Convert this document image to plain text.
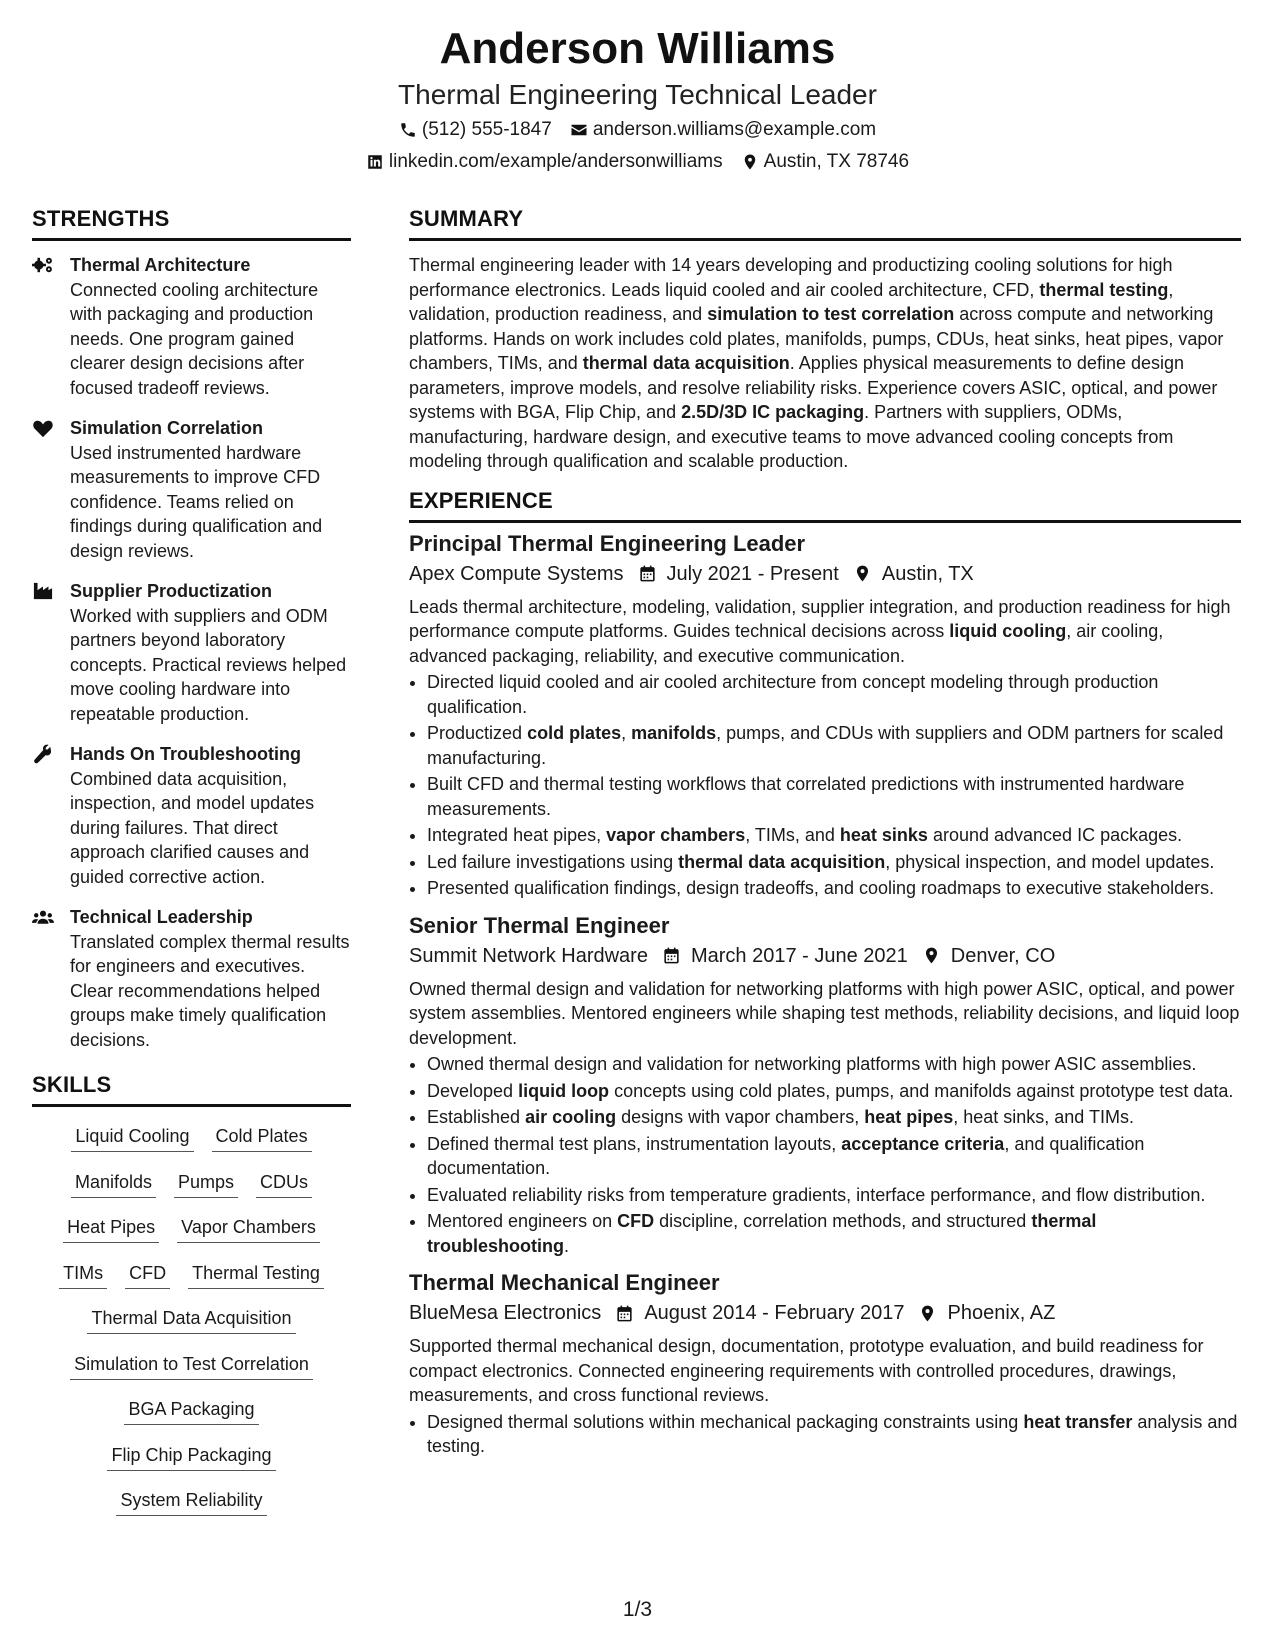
Anderson Williams
Thermal Engineering Technical Leader
(512) 555-1847 anderson.williams@example.com
linkedin.com/example/andersonwilliams Austin, TX 78746
STRENGTHS
Thermal Architecture
Connected cooling architecture with packaging and production needs. One program gained clearer design decisions after focused tradeoff reviews.
Simulation Correlation
Used instrumented hardware measurements to improve CFD confidence. Teams relied on findings during qualification and design reviews.
Supplier Productization
Worked with suppliers and ODM partners beyond laboratory concepts. Practical reviews helped move cooling hardware into repeatable production.
Hands On Troubleshooting
Combined data acquisition, inspection, and model updates during failures. That direct approach clarified causes and guided corrective action.
Technical Leadership
Translated complex thermal results for engineers and executives. Clear recommendations helped groups make timely qualification decisions.
SKILLS
Liquid Cooling Cold Plates
Manifolds Pumps CDUs
Heat Pipes Vapor Chambers
TIMs CFD Thermal Testing
Thermal Data Acquisition
Simulation to Test Correlation
BGA Packaging
Flip Chip Packaging
System Reliability
SUMMARY
Thermal engineering leader with 14 years developing and productizing cooling solutions for high performance electronics. Leads liquid cooled and air cooled architecture, CFD, thermal testing, validation, production readiness, and simulation to test correlation across compute and networking platforms. Hands on work includes cold plates, manifolds, pumps, CDUs, heat sinks, heat pipes, vapor chambers, TIMs, and thermal data acquisition. Applies physical measurements to define design parameters, improve models, and resolve reliability risks. Experience covers ASIC, optical, and power systems with BGA, Flip Chip, and 2.5D/3D IC packaging. Partners with suppliers, ODMs, manufacturing, hardware design, and executive teams to move advanced cooling concepts from modeling through qualification and scalable production.
EXPERIENCE
Principal Thermal Engineering Leader
Apex Compute Systems July 2021 - Present Austin, TX
Leads thermal architecture, modeling, validation, supplier integration, and production readiness for high performance compute platforms. Guides technical decisions across liquid cooling, air cooling, advanced packaging, reliability, and executive communication.
• Directed liquid cooled and air cooled architecture from concept modeling through production qualification.
• Productized cold plates, manifolds, pumps, and CDUs with suppliers and ODM partners for scaled manufacturing.
• Built CFD and thermal testing workflows that correlated predictions with instrumented hardware measurements.
• Integrated heat pipes, vapor chambers, TIMs, and heat sinks around advanced IC packages.
• Led failure investigations using thermal data acquisition, physical inspection, and model updates.
• Presented qualification findings, design tradeoffs, and cooling roadmaps to executive stakeholders.
Senior Thermal Engineer
Summit Network Hardware March 2017 - June 2021 Denver, CO
Owned thermal design and validation for networking platforms with high power ASIC, optical, and power system assemblies. Mentored engineers while shaping test methods, reliability decisions, and liquid loop development.
• Owned thermal design and validation for networking platforms with high power ASIC assemblies.
• Developed liquid loop concepts using cold plates, pumps, and manifolds against prototype test data.
• Established air cooling designs with vapor chambers, heat pipes, heat sinks, and TIMs.
• Defined thermal test plans, instrumentation layouts, acceptance criteria, and qualification documentation.
• Evaluated reliability risks from temperature gradients, interface performance, and flow distribution.
• Mentored engineers on CFD discipline, correlation methods, and structured thermal troubleshooting.
Thermal Mechanical Engineer
BlueMesa Electronics August 2014 - February 2017 Phoenix, AZ
Supported thermal mechanical design, documentation, prototype evaluation, and build readiness for compact electronics. Connected engineering requirements with controlled procedures, drawings, measurements, and cross functional reviews.
• Designed thermal solutions within mechanical packaging constraints using heat transfer analysis and testing.
1/3
